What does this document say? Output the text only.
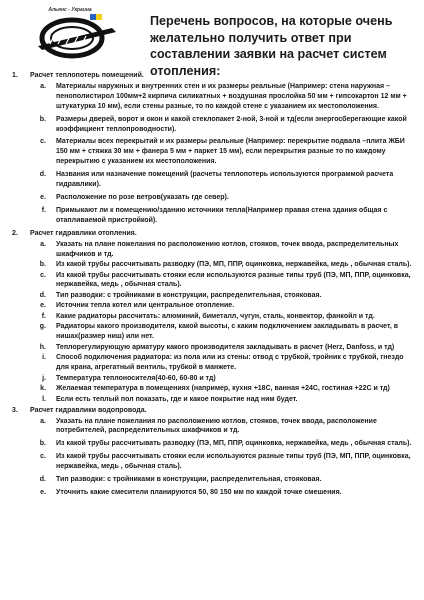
Альянс - Украина
Перечень вопросов, на которые очень желательно получить ответ при составлении заявки на расчет систем отопления:
1.	Расчет теплопотерь помещений.
a.	Материалы наружных и внутренних стен и их размеры реальные (Например: стена наружная – пенополистирол 100мм+2 кирпича силикатных + воздушная прослойка 50 мм + гипсокартон 12 мм + штукатурка 10 мм), если стены разные, то по каждой стене с указанием их местоположения.
b.	Размеры дверей, ворот и окон и какой стеклопакет 2-ной, 3-ной и тд(если энергосберегающие какой коэффициент теплопроводности).
c.	Материалы всех перекрытий и их размеры реальные (Например: перекрытие подвала –плита ЖБИ 150 мм + стяжка 30 мм + фанера 5 мм + паркет 15 мм), если перекрытия разные то по каждому перекрытию с указанием их местоположения.
d.	Названия или назначение помещений (расчеты теплопотерь используются программой расчета гидравлики).
e.	Расположение по розе ветров(указать где север).
f.	Примыкают ли к помещению/зданию источники тепла(Например правая стена здания общая с отапливаемой пристройкой).
2.	Расчет гидравлики отопления.
a.	Указать на плане пожелания по расположению котлов, стояков, точек ввода, распределительных шкафчиков и тд.
b.	Из какой трубы рассчитывать разводку (ПЭ, МП, ППР, оцинковка, нержавейка, медь , обычная сталь).
c.	Из какой трубы рассчитывать стояки если используются разные типы труб (ПЭ, МП, ППР, оцинковка, нержавейка, медь , обычная сталь).
d.	Тип разводки: с тройниками в конструкции, распределительная, стояковая.
e.	Источник тепла котел или центральное отопление.
f.	Какие радиаторы рассчитать: алюминий, биметалл, чугун, сталь, конвектор, фанкойл и тд.
g.	Радиаторы какого производителя, какой высоты, с каким подключением закладывать в расчет, в нишах(размер ниш) или нет.
h.	Теплорегулирующую арматуру какого производителя закладывать в расчет (Herz, Danfoss, и тд)
i.	Способ подключения радиатора: из пола или из стены: отвод с трубкой, тройник с трубкой, гнездо для крана, агрегатный вентиль, трубкой в манжете.
j.	Температура теплоносителя(40-60, 60-80 и тд)
k.	Желаемая температура в помещениях (например, кухня +18С, ванная +24С, гостиная +22С и тд)
l.	Если есть теплый пол показать, где и какое покрытие над ним будет.
3.	Расчет гидравлики водопровода.
a.	Указать на плане пожелания по расположению котлов, стояков, точек ввода, расположение потребителей, распределительных шкафчиков и тд.
b.	Из какой трубы рассчитывать разводку (ПЭ, МП, ППР, оцинковка, нержавейка, медь , обычная сталь).
c.	Из какой трубы рассчитывать стояки если используются разные типы труб (ПЭ, МП, ППР, оцинковка, нержавейка, медь , обычная сталь).
d.	Тип разводки: с тройниками в конструкции, распределительная, стояковая.
e.	Уточнить какие смесители планируются 50, 80 150 мм по каждой точке смешения.
